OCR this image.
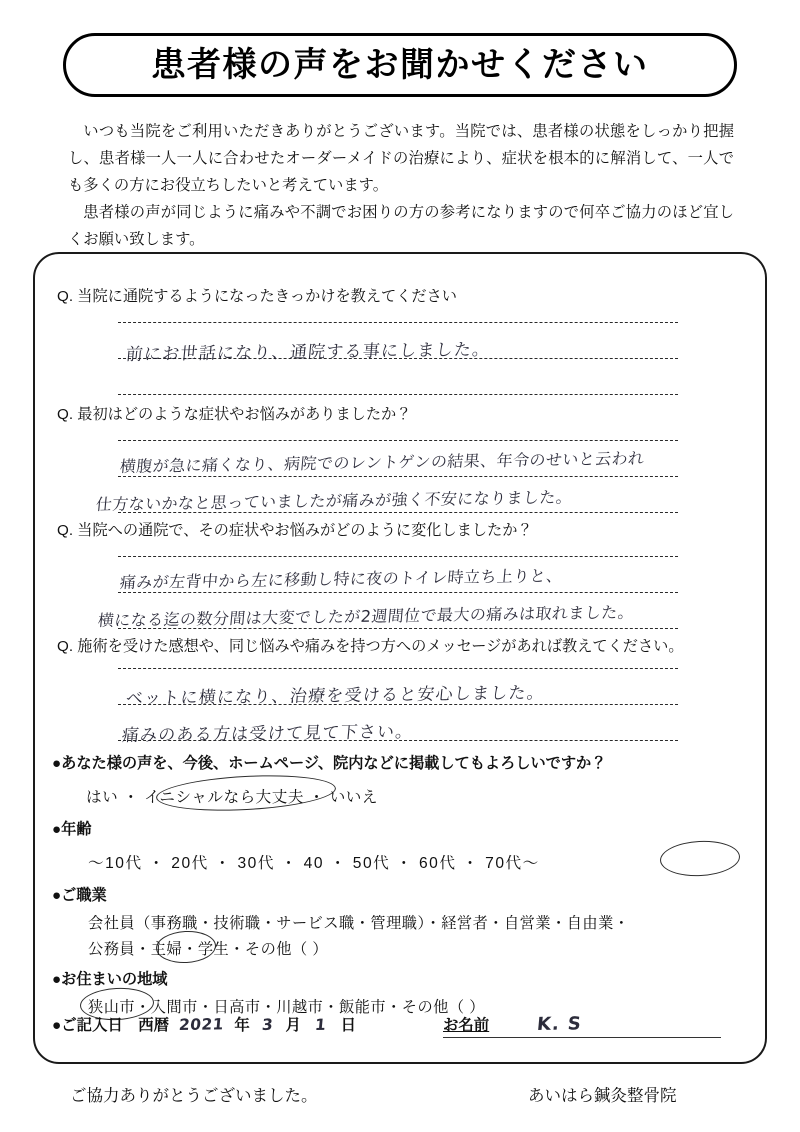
患者様の声をお聞かせください

いつも当院をご利用いただきありがとうございます。当院では、患者様の状態をしっかり把握し、患者様一人一人に合わせたオーダーメイドの治療により、症状を根本的に解消して、一人でも多くの方にお役立ちしたいと考えています。

患者様の声が同じように痛みや不調でお困りの方の参考になりますので何卒ご協力のほど宜しくお願い致します。

Q. 当院に通院するようになったきっかけを教えてください
前にお世話になり、通院する事にしました。
Q. 最初はどのような症状やお悩みがありましたか？
横腹が急に痛くなり、病院でのレントゲンの結果、年令のせいと云われ
仕方ないかなと思っていましたが痛みが強く不安になりました。
Q. 当院への通院で、その症状やお悩みがどのように変化しましたか？
痛みが左背中から左に移動し特に夜のトイレ時立ち上りと、
横になる迄の数分間は大変でしたが2週間位で最大の痛みは取れました。
Q. 施術を受けた感想や、同じ悩みや痛みを持つ方へのメッセージがあれば教えてください。
ベットに横になり、治療を受けると安心しました。
痛みのある方は受けて見て下さい。
●あなた様の声を、今後、ホームページ、院内などに掲載してもよろしいですか？
はい ・ イニシャルなら大丈夫 ・ いいえ
●年齢
〜10代 ・ 20代 ・ 30代 ・ 40 ・ 50代 ・ 60代 ・ 70代〜
●ご職業
会社員（事務職・技術職・サービス職・管理職）・経営者・自営業・自由業・
公務員・主婦・学生・その他（ ）
●お住まいの地域
狭山市・入間市・日高市・川越市・飯能市・その他（ ）
●ご記入日　西暦 2021 年 3 月 1 日	お名前	K. S
ご協力ありがとうございました。	あいはら鍼灸整骨院
